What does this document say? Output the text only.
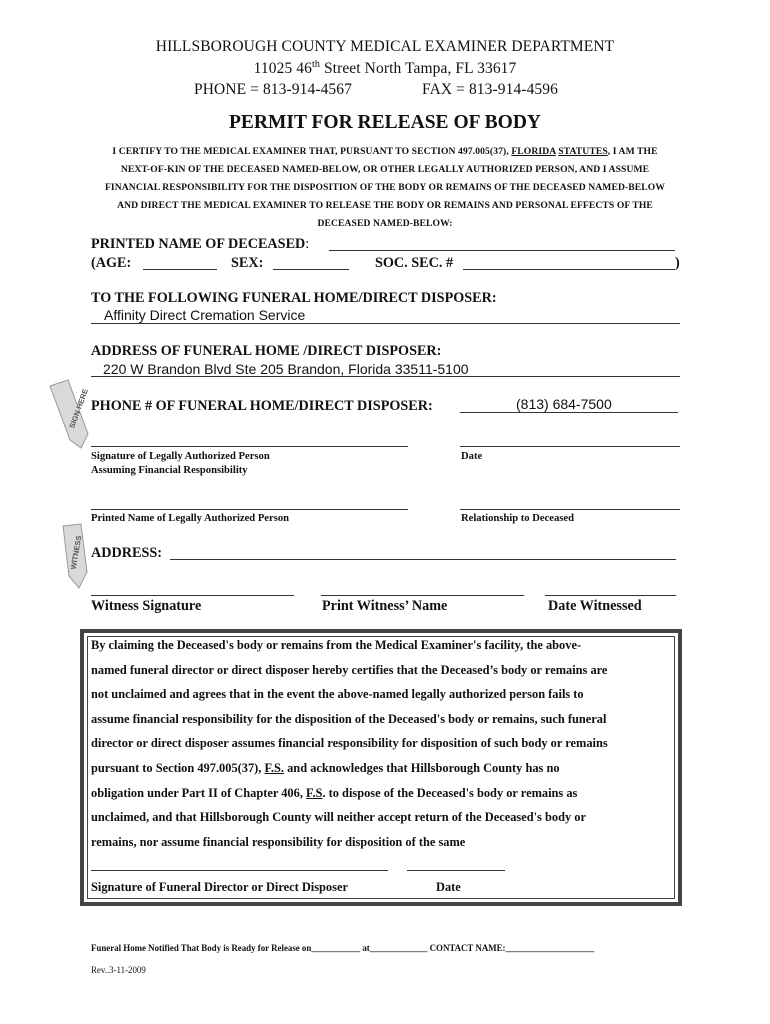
HILLSBOROUGH COUNTY MEDICAL EXAMINER DEPARTMENT
11025 46th Street North Tampa, FL 33617
PHONE = 813-914-4567	FAX = 813-914-4596
PERMIT FOR RELEASE OF BODY
I CERTIFY TO THE MEDICAL EXAMINER THAT, PURSUANT TO SECTION 497.005(37), FLORIDA STATUTES, I AM THE
NEXT-OF-KIN OF THE DECEASED NAMED-BELOW, OR OTHER LEGALLY AUTHORIZED PERSON, AND I ASSUME
FINANCIAL RESPONSIBILITY FOR THE DISPOSITION OF THE BODY OR REMAINS OF THE DECEASED NAMED-BELOW
AND DIRECT THE MEDICAL EXAMINER TO RELEASE THE BODY OR REMAINS AND PERSONAL EFFECTS OF THE
DECEASED NAMED-BELOW:
PRINTED NAME OF DECEASED:
(AGE:	SEX:	SOC. SEC. #	)
TO THE FOLLOWING FUNERAL HOME/DIRECT DISPOSER:
Affinity Direct Cremation Service
ADDRESS OF FUNERAL HOME /DIRECT DISPOSER:
220 W Brandon Blvd Ste 205 Brandon, Florida 33511-5100
PHONE # OF FUNERAL HOME/DIRECT DISPOSER:	(813) 684-7500
SIGN HERE
Signature of Legally Authorized Person
Assuming Financial Responsibility
Date
Printed Name of Legally Authorized Person	Relationship to Deceased
WITNESS ADDRESS:
Witness Signature	Print Witness’ Name	Date Witnessed
By claiming the Deceased's body or remains from the Medical Examiner's facility, the above-
named funeral director or direct disposer hereby certifies that the Deceased’s body or remains are
not unclaimed and agrees that in the event the above-named legally authorized person fails to
assume financial responsibility for the disposition of the Deceased's body or remains, such funeral
director or direct disposer assumes financial responsibility for disposition of such body or remains
pursuant to Section 497.005(37), F.S. and acknowledges that Hillsborough County has no
obligation under Part II of Chapter 406, F.S. to dispose of the Deceased's body or remains as
unclaimed, and that Hillsborough County will neither accept return of the Deceased's body or
remains, nor assume financial responsibility for disposition of the same
Signature of Funeral Director or Direct Disposer	Date
Funeral Home Notified That Body is Ready for Release on___________ at_____________ CONTACT NAME:____________________
Rev..3-11-2009
